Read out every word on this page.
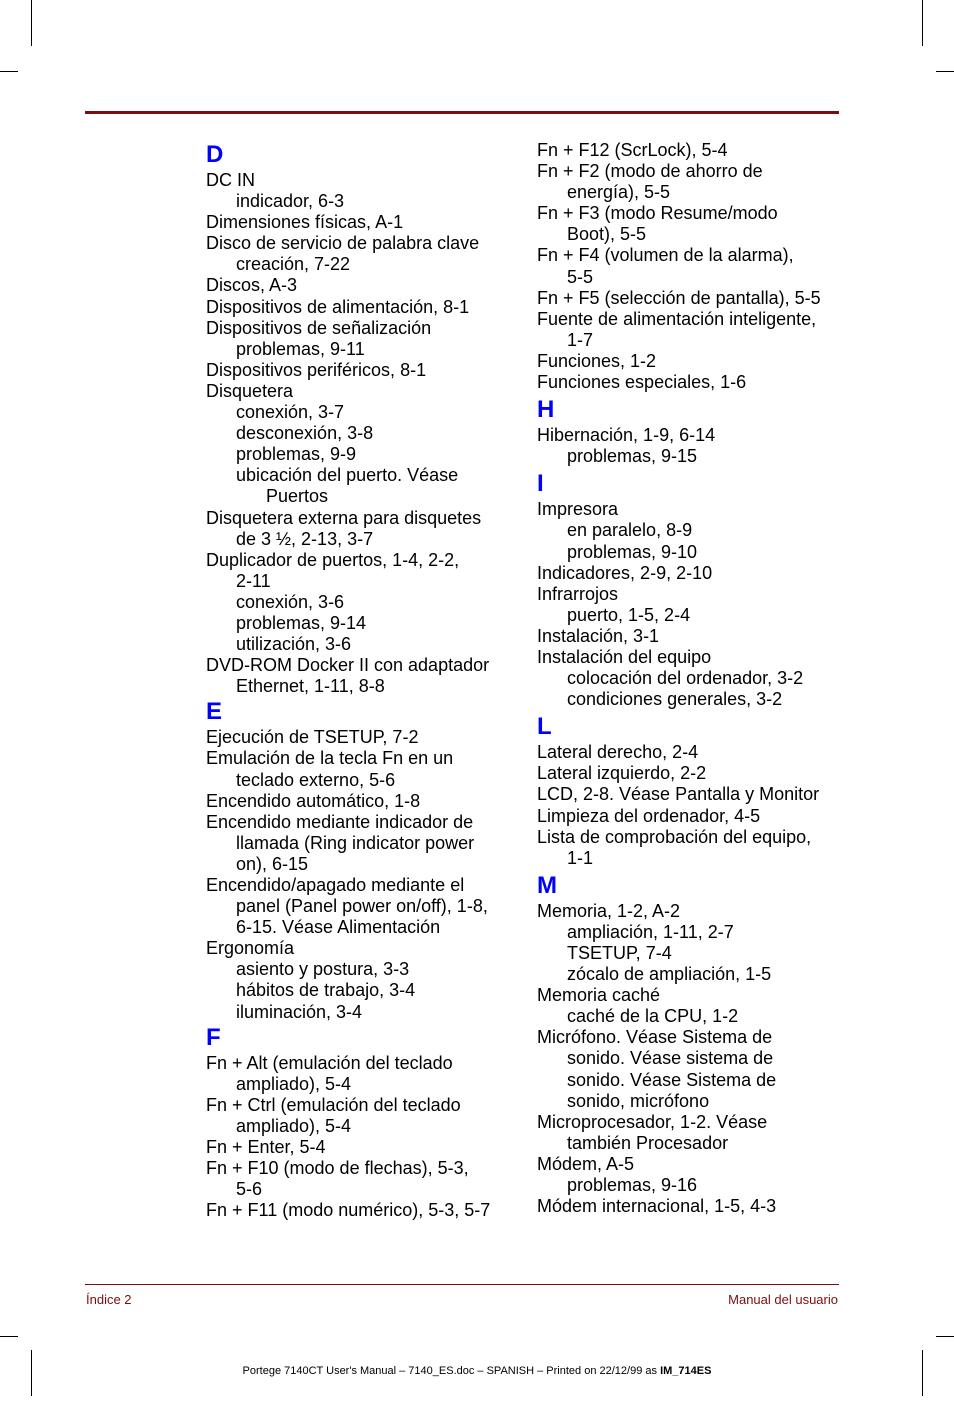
D
DC IN
indicador, 6-3
Dimensiones físicas, A-1
Disco de servicio de palabra clave
creación, 7-22
Discos, A-3
Dispositivos de alimentación, 8-1
Dispositivos de señalización
problemas, 9-11
Dispositivos periféricos, 8-1
Disquetera
conexión, 3-7
desconexión, 3-8
problemas, 9-9
ubicación del puerto. Véase
Puertos
Disquetera externa para disquetes
de 3 ½, 2-13, 3-7
Duplicador de puertos, 1-4, 2-2,
2-11
conexión, 3-6
problemas, 9-14
utilización, 3-6
DVD-ROM Docker II con adaptador
Ethernet, 1-11, 8-8
E
Ejecución de TSETUP, 7-2
Emulación de la tecla Fn en un
teclado externo, 5-6
Encendido automático, 1-8
Encendido mediante indicador de
llamada (Ring indicator power
on), 6-15
Encendido/apagado mediante el
panel (Panel power on/off), 1-8,
6-15. Véase Alimentación
Ergonomía
asiento y postura, 3-3
hábitos de trabajo, 3-4
iluminación, 3-4
F
Fn + Alt (emulación del teclado
ampliado), 5-4
Fn + Ctrl (emulación del teclado
ampliado), 5-4
Fn + Enter, 5-4
Fn + F10 (modo de flechas), 5-3,
5-6
Fn + F11 (modo numérico), 5-3, 5-7
Fn + F12 (ScrLock), 5-4
Fn + F2 (modo de ahorro de
energía), 5-5
Fn + F3 (modo Resume/modo
Boot), 5-5
Fn + F4 (volumen de la alarma),
5-5
Fn + F5 (selección de pantalla), 5-5
Fuente de alimentación inteligente,
1-7
Funciones, 1-2
Funciones especiales, 1-6
H
Hibernación, 1-9, 6-14
problemas, 9-15
I
Impresora
en paralelo, 8-9
problemas, 9-10
Indicadores, 2-9, 2-10
Infrarrojos
puerto, 1-5, 2-4
Instalación, 3-1
Instalación del equipo
colocación del ordenador, 3-2
condiciones generales, 3-2
L
Lateral derecho, 2-4
Lateral izquierdo, 2-2
LCD, 2-8. Véase Pantalla y Monitor
Limpieza del ordenador, 4-5
Lista de comprobación del equipo,
1-1
M
Memoria, 1-2, A-2
ampliación, 1-11, 2-7
TSETUP, 7-4
zócalo de ampliación, 1-5
Memoria caché
caché de la CPU, 1-2
Micrófono. Véase Sistema de
sonido. Véase sistema de
sonido. Véase Sistema de
sonido, micrófono
Microprocesador, 1-2. Véase
también Procesador
Módem, A-5
problemas, 9-16
Módem internacional, 1-5, 4-3
Índice 2	Manual del usuario
Portege 7140CT User's Manual – 7140_ES.doc – SPANISH – Printed on 22/12/99 as IM_714ES
